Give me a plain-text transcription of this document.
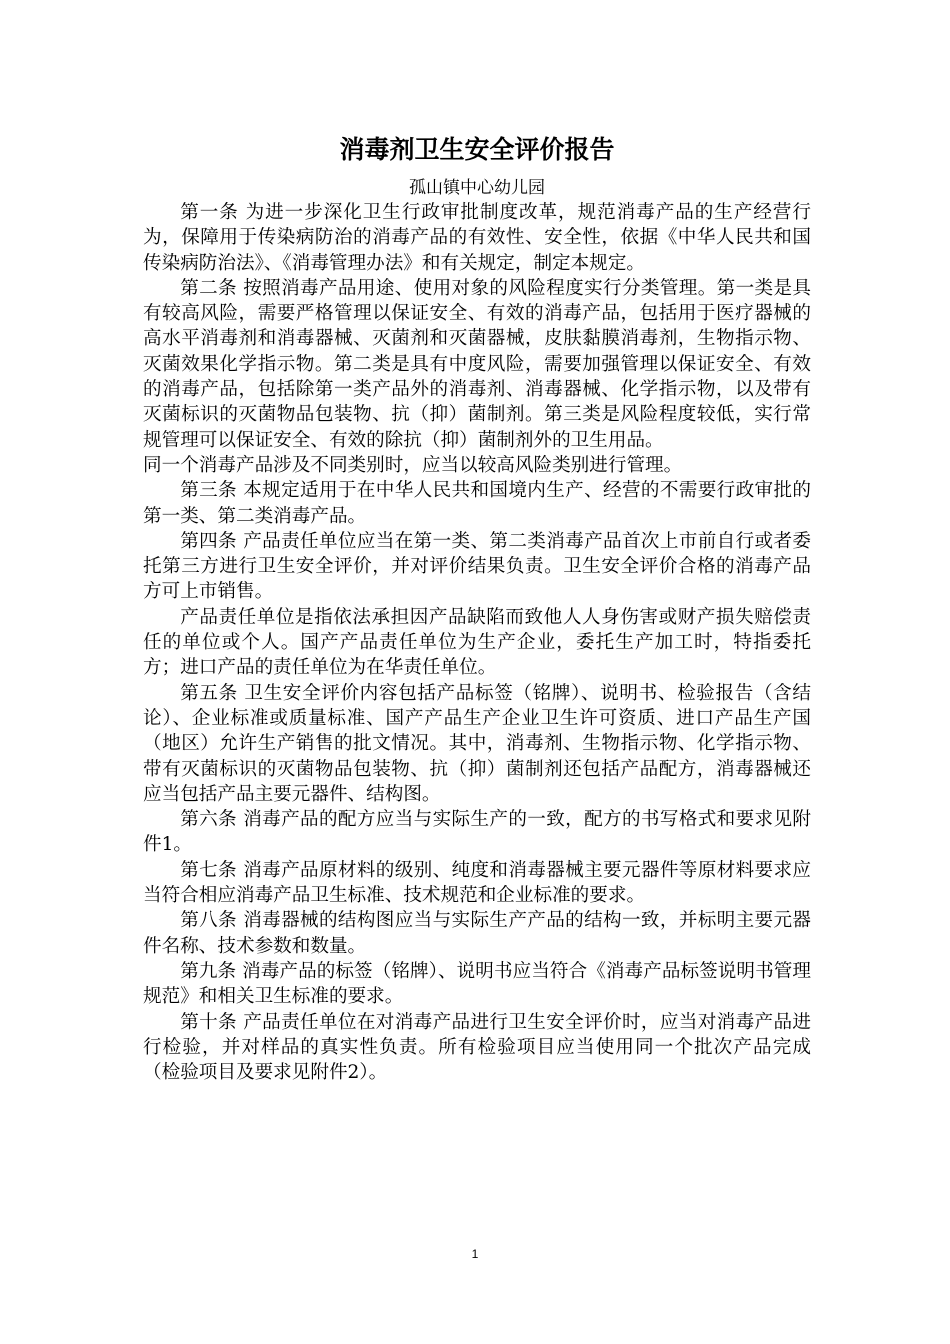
消毒剂卫生安全评价报告

孤山镇中心幼儿园

第一条 为进一步深化卫生行政审批制度改革，规范消毒产品的生产经营行为，保障用于传染病防治的消毒产品的有效性、安全性，依据《中华人民共和国传染病防治法》、《消毒管理办法》和有关规定，制定本规定。

第二条 按照消毒产品用途、使用对象的风险程度实行分类管理。第一类是具有较高风险，需要严格管理以保证安全、有效的消毒产品，包括用于医疗器械的高水平消毒剂和消毒器械、灭菌剂和灭菌器械，皮肤黏膜消毒剂，生物指示物、灭菌效果化学指示物。第二类是具有中度风险，需要加强管理以保证安全、有效的消毒产品，包括除第一类产品外的消毒剂、消毒器械、化学指示物，以及带有灭菌标识的灭菌物品包装物、抗（抑）菌制剂。第三类是风险程度较低，实行常规管理可以保证安全、有效的除抗（抑）菌制剂外的卫生用品。

同一个消毒产品涉及不同类别时，应当以较高风险类别进行管理。

第三条 本规定适用于在中华人民共和国境内生产、经营的不需要行政审批的第一类、第二类消毒产品。

第四条 产品责任单位应当在第一类、第二类消毒产品首次上市前自行或者委托第三方进行卫生安全评价，并对评价结果负责。卫生安全评价合格的消毒产品方可上市销售。

产品责任单位是指依法承担因产品缺陷而致他人人身伤害或财产损失赔偿责任的单位或个人。国产产品责任单位为生产企业，委托生产加工时，特指委托方；进口产品的责任单位为在华责任单位。

第五条 卫生安全评价内容包括产品标签（铭牌）、说明书、检验报告（含结论）、企业标准或质量标准、国产产品生产企业卫生许可资质、进口产品生产国（地区）允许生产销售的批文情况。其中，消毒剂、生物指示物、化学指示物、带有灭菌标识的灭菌物品包装物、抗（抑）菌制剂还包括产品配方，消毒器械还应当包括产品主要元器件、结构图。

第六条 消毒产品的配方应当与实际生产的一致，配方的书写格式和要求见附件1。

第七条 消毒产品原材料的级别、纯度和消毒器械主要元器件等原材料要求应当符合相应消毒产品卫生标准、技术规范和企业标准的要求。

第八条 消毒器械的结构图应当与实际生产产品的结构一致，并标明主要元器件名称、技术参数和数量。

第九条 消毒产品的标签（铭牌）、说明书应当符合《消毒产品标签说明书管理规范》和相关卫生标准的要求。

第十条 产品责任单位在对消毒产品进行卫生安全评价时，应当对消毒产品进行检验，并对样品的真实性负责。所有检验项目应当使用同一个批次产品完成（检验项目及要求见附件2）。

1
